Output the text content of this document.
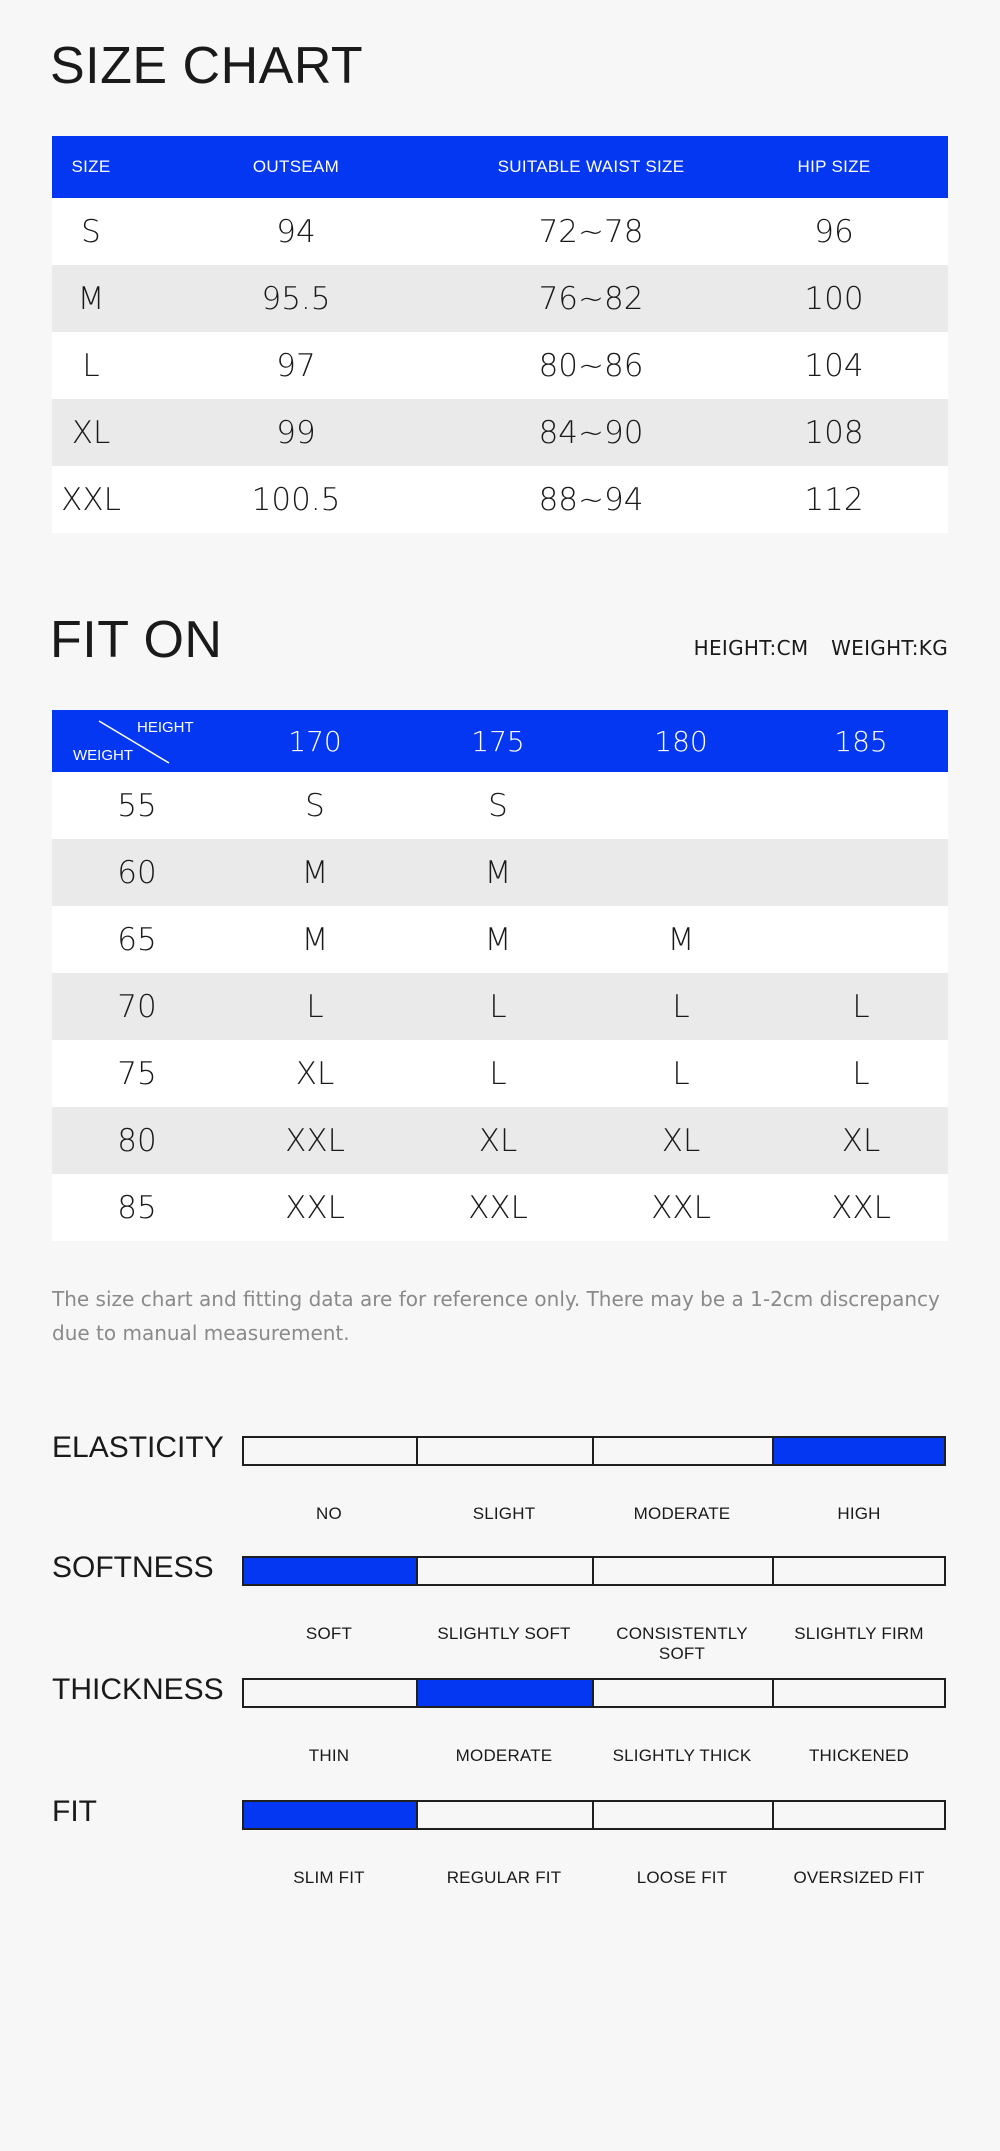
SIZE CHART
SIZE	OUTSEAM	SUITABLE WAIST SIZE	HIP SIZE
S	94	72~78	96
M	95.5	76~82	100
L	97	80~86	104
XL	99	84~90	108
XXL	100.5	88~94	112
FIT ON	HEIGHT:CM WEIGHT:KG
HEIGHT
WEIGHT	170	175	180	185
55	S	S		
60	M	M		
65	M	M	M	
70	L	L	L	L
75	XL	L	L	L
80	XXL	XL	XL	XL
85	XXL	XXL	XXL	XXL
The size chart and fitting data are for reference only. There may be a 1-2cm discrepancy due to manual measurement.
ELASTICITY
NO	SLIGHT	MODERATE	HIGH
SOFTNESS
SOFT	SLIGHTLY SOFT	CONSISTENTLY SOFT
SLIGHTLY FIRM
THICKNESS
THIN	MODERATE	SLIGHTLY THICK	THICKENED
FIT
SLIM FIT	REGULAR FIT	LOOSE FIT	OVERSIZED FIT
